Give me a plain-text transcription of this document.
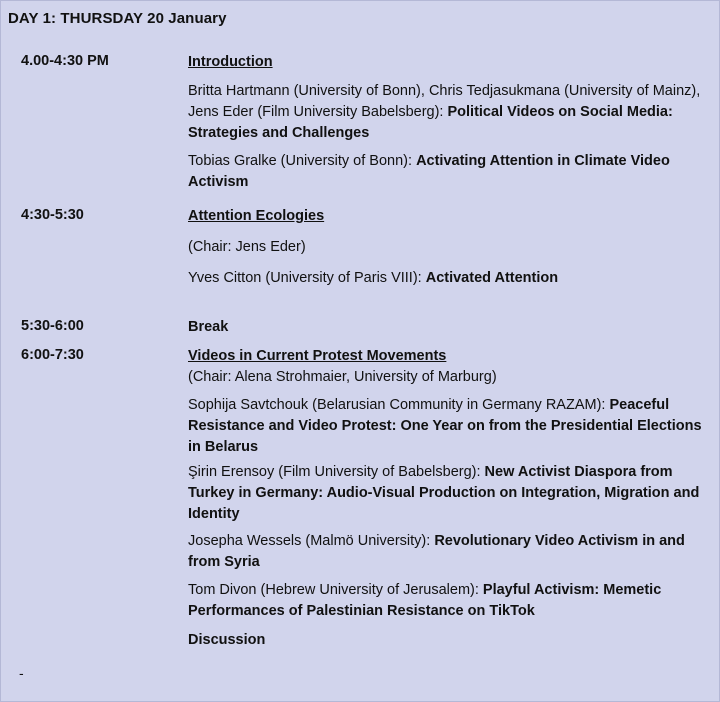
DAY 1: THURSDAY 20 January
4.00-4:30 PM	Introduction
Britta Hartmann (University of Bonn), Chris Tedjasukmana (University of Mainz), Jens Eder (Film University Babelsberg): Political Videos on Social Media: Strategies and Challenges
Tobias Gralke (University of Bonn): Activating Attention in Climate Video Activism
4:30-5:30	Attention Ecologies
(Chair: Jens Eder)
Yves Citton (University of Paris VIII): Activated Attention
5:30-6:00	Break
6:00-7:30	Videos in Current Protest Movements
(Chair: Alena Strohmaier, University of Marburg)
Sophija Savtchouk (Belarusian Community in Germany RAZAM): Peaceful Resistance and Video Protest: One Year on from the Presidential Elections in Belarus
Şirin Erensoy (Film University of Babelsberg): New Activist Diaspora from Turkey in Germany: Audio-Visual Production on Integration, Migration and Identity
Josepha Wessels (Malmö University): Revolutionary Video Activism in and from Syria
Tom Divon (Hebrew University of Jerusalem): Playful Activism: Memetic Performances of Palestinian Resistance on TikTok
Discussion
-
